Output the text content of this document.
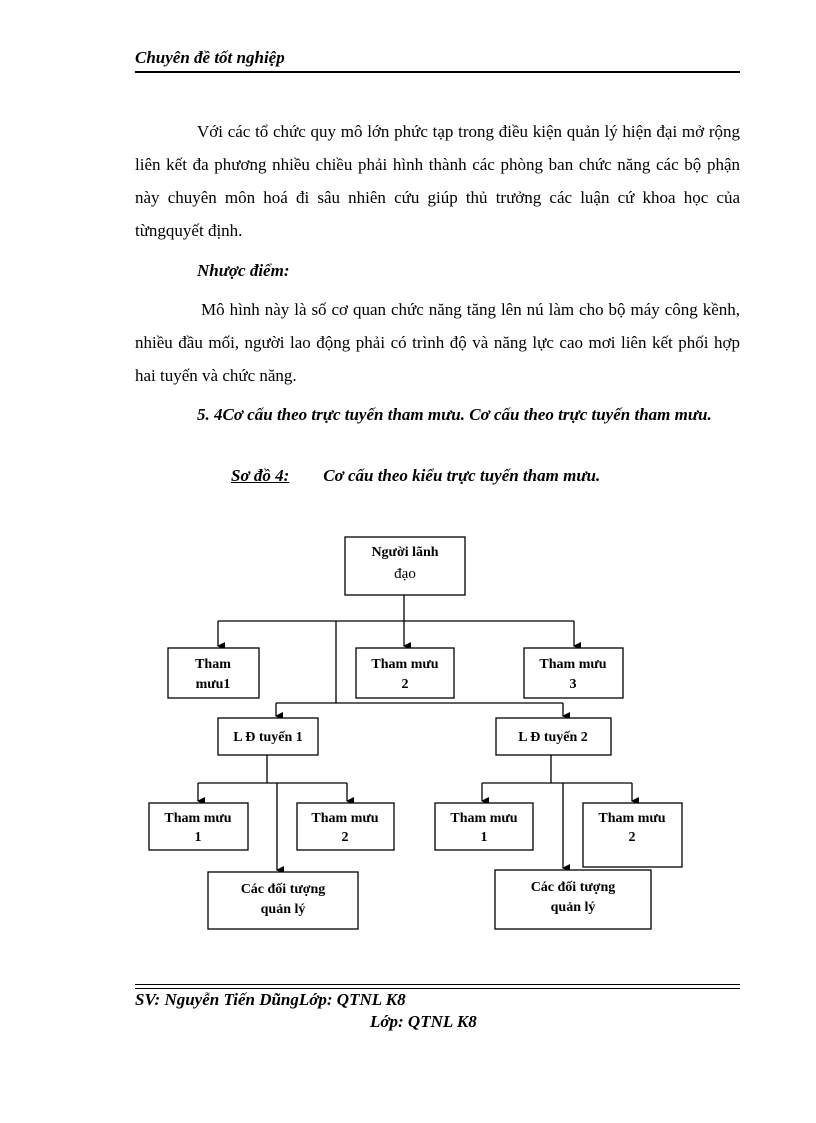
Chuyên đề tốt nghiệp
Với các tổ chức quy mô lớn phức tạp trong điều kiện quản lý hiện đại mở rộng liên kết đa phương nhiều chiều phải hình thành các phòng ban chức năng các bộ phận này chuyên môn hoá đi sâu nhiên cứu giúp thủ trưởng các luận cứ khoa học của từngquyết định.
Nhược điểm:
Mô hình này là số cơ quan chức năng tăng lên nú làm cho bộ máy công kềnh, nhiều đầu mối, người lao động phải có trình độ và năng lực cao mơi liên kết phối hợp hai tuyến và chức năng.
5. 4Cơ cấu theo trực tuyến tham mưu. Cơ cấu theo trực tuyến tham mưu.
Sơ đồ 4: Cơ cấu theo kiểu trực tuyến tham mưu.
Người lãnh
đạo
Tham
mưu1
Tham mưu
2
Tham mưu
3
L Đ tuyến 1	L Đ tuyến 2
Tham mưu
1
Tham mưu
2
Tham mưu
1
Tham mưu
2
Các đối tượng
quản lý
Các đối tượng
quản lý
SV: Nguyễn Tiến DũngLớp: QTNL K8
Lớp: QTNL K8
